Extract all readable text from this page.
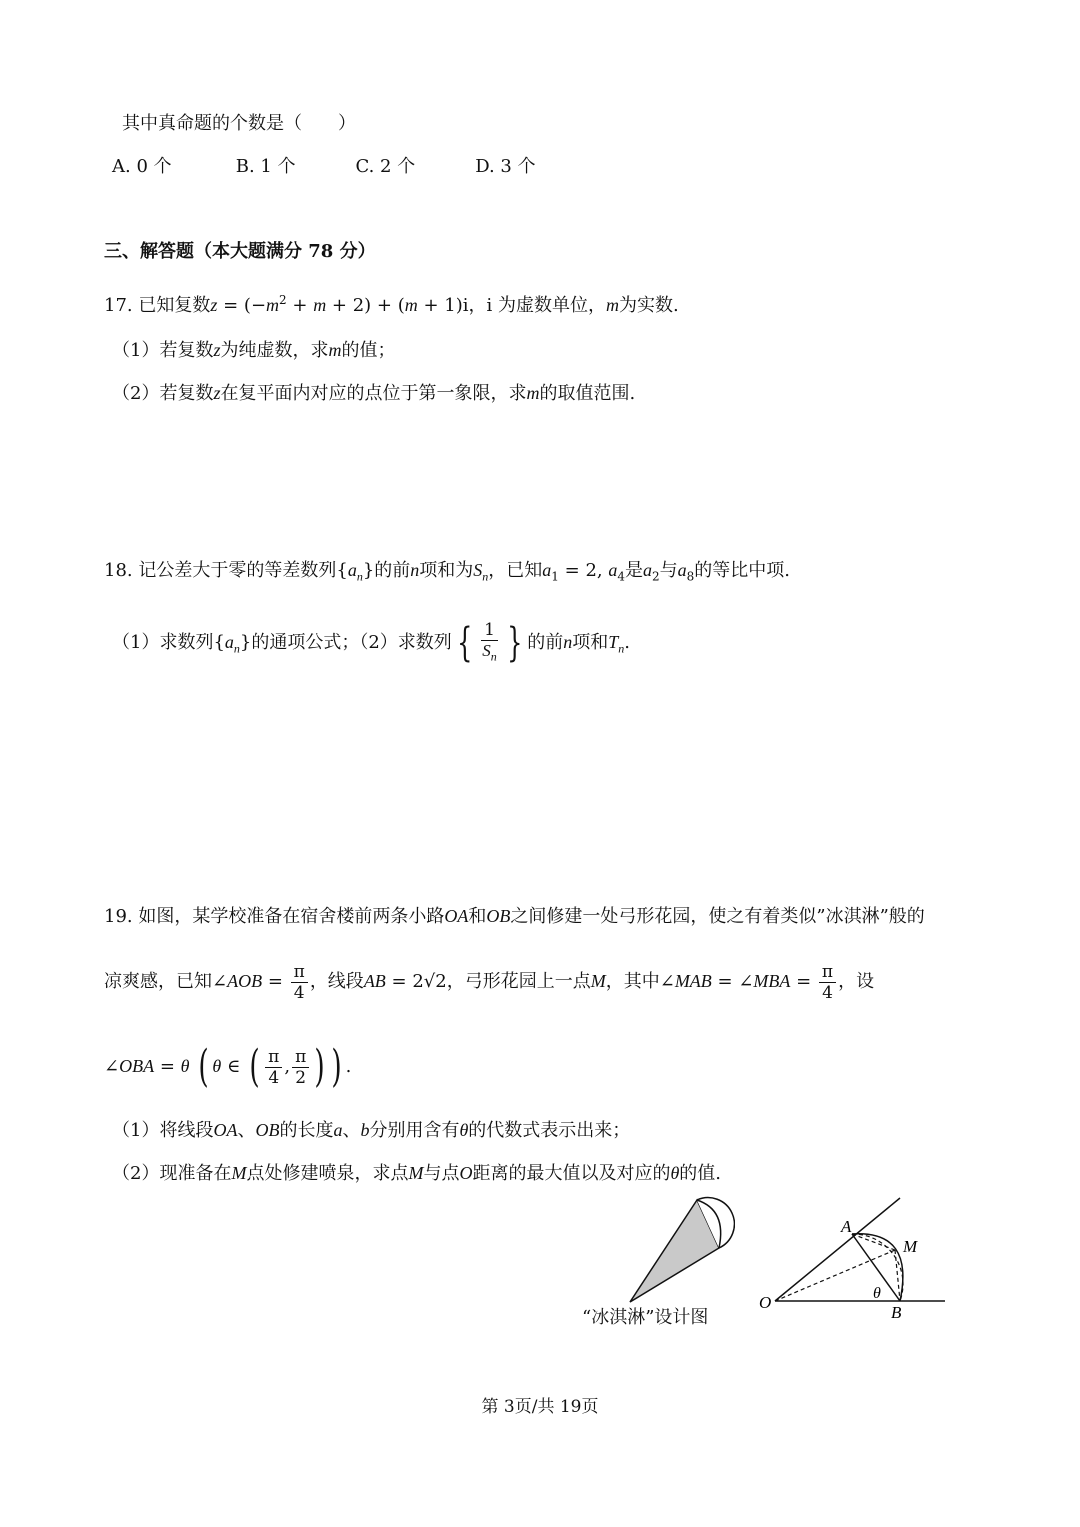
其中真命题的个数是（　　）
A. 0 个	B. 1 个	C. 2 个	D. 3 个
三、解答题（本大题满分 78 分）
17. 已知复数$z = (-m^2 + m + 2) + (m + 1)i$，i 为虚数单位，m为实数.
（1）若复数z为纯虚数，求m的值；
（2）若复数z在复平面内对应的点位于第一象限，求m的取值范围.
18. 记公差大于零的等差数列$\{a_n\}$的前n项和为$S_n$，已知$a_1 = 2$, $a_4$是$a_2$与$a_8$的等比中项.
（1）求数列$\{a_n\}$的通项公式；（2）求数列 { $\frac{1}{S_n}$ } 的前n项和$T_n$.
19. 如图，某学校准备在宿舍楼前两条小路OA和OB之间修建一处弓形花园，使之有着类似”冰淇淋”般的
凉爽感，已知∠AOB = $\frac{\pi}{4}$ ，线段AB = 2√2，弓形花园上一点M，其中∠MAB = ∠MBA = $\frac{\pi}{4}$ ，设
∠OBA = θ ( θ ∈ ( $\frac{\pi}{4}$ , $\frac{\pi}{2}$ ) ) .
（1）将线段OA、OB的长度a、b分别用含有θ的代数式表示出来；
（2）现准备在M点处修建喷泉，求点M与点O距离的最大值以及对应的θ的值.
“冰淇淋”设计图
A
M
O
B
θ
第 3页/共 19页
